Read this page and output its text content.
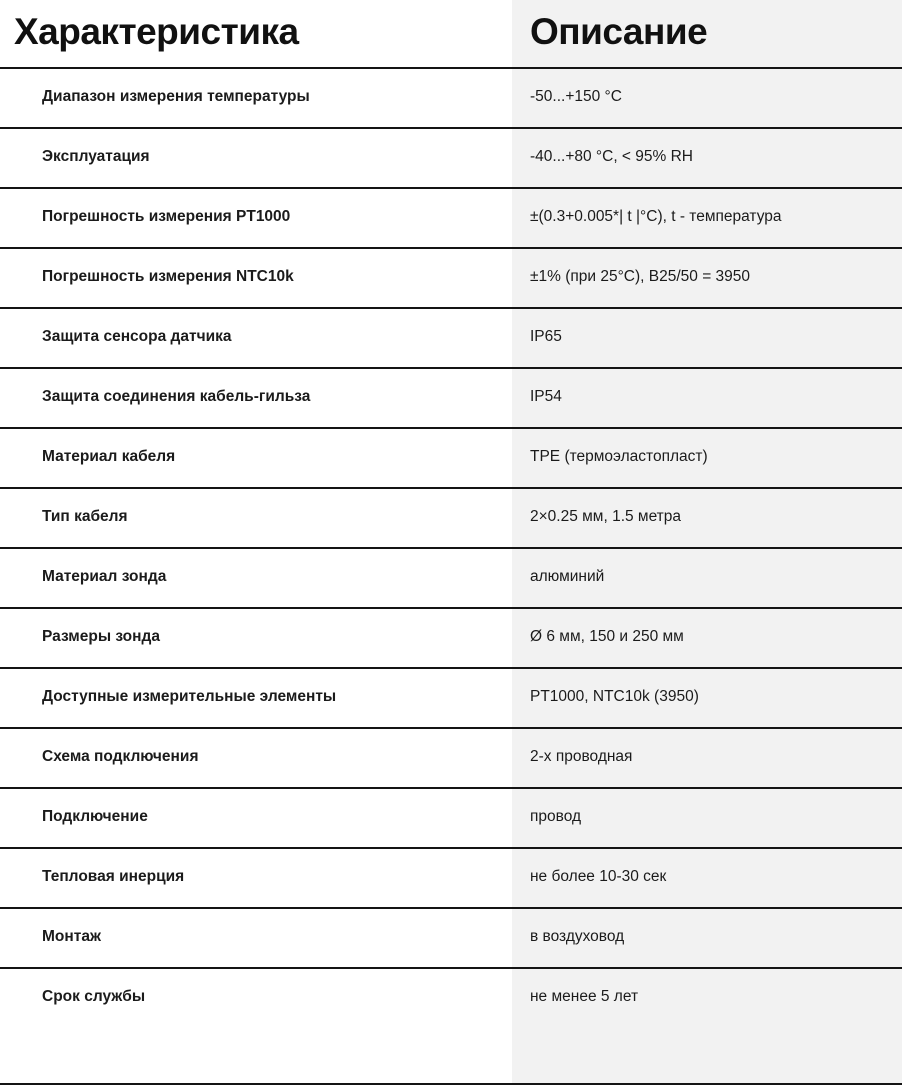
Характеристика	Описание

Диапазон измерения температуры	-50...+150 °C
Эксплуатация	-40...+80 °C, < 95% RH
Погрешность измерения PT1000	±(0.3+0.005*| t |°C), t - температура
Погрешность измерения NTC10k	±1% (при 25°C), B25/50 = 3950
Защита сенсора датчика	IP65
Защита соединения кабель-гильза	IP54
Материал кабеля	TPE (термоэластопласт)
Тип кабеля	2×0.25 мм, 1.5 метра
Материал зонда	алюминий
Размеры зонда	Ø 6 мм, 150 и 250 мм
Доступные измерительные элементы	PT1000, NTC10k (3950)
Схема подключения	2-х проводная
Подключение	провод
Тепловая инерция	не более 10-30 сек
Монтаж	в воздуховод
Срок службы	не менее 5 лет
